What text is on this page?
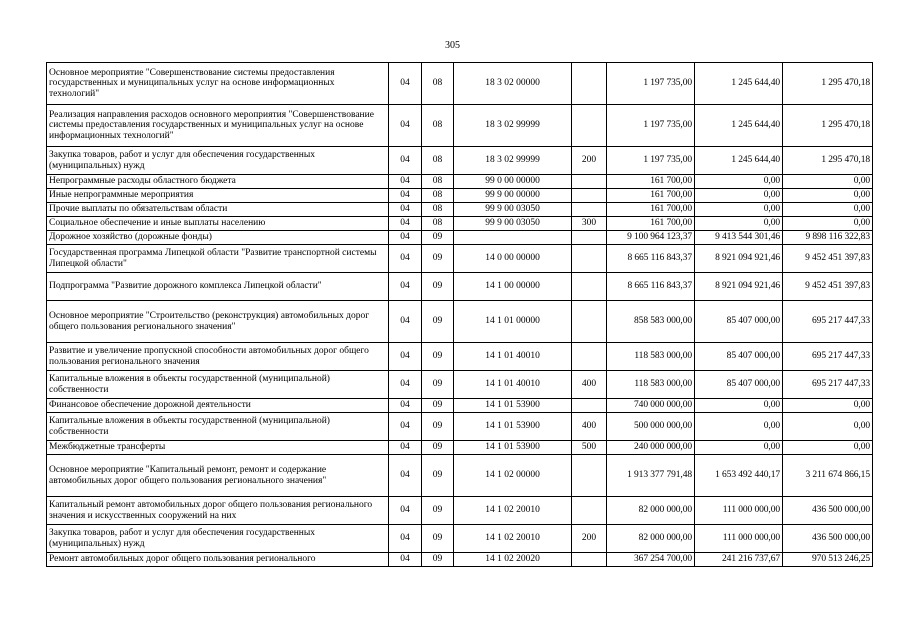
305
Основное мероприятие "Совершенствование системы предоставления государственных и муниципальных услуг на основе информационных технологий"	04	08	18 3 02 00000		1 197 735,00	1 245 644,40	1 295 470,18
Реализация направления расходов основного мероприятия "Совершенствование системы предоставления государственных и муниципальных услуг на основе информационных технологий"	04	08	18 3 02 99999		1 197 735,00	1 245 644,40	1 295 470,18
Закупка товаров, работ и услуг для обеспечения государственных (муниципальных) нужд	04	08	18 3 02 99999	200	1 197 735,00	1 245 644,40	1 295 470,18
Непрограммные расходы областного бюджета	04	08	99 0 00 00000		161 700,00	0,00	0,00
Иные непрограммные мероприятия	04	08	99 9 00 00000		161 700,00	0,00	0,00
Прочие выплаты по обязательствам области	04	08	99 9 00 03050		161 700,00	0,00	0,00
Социальное обеспечение и иные выплаты населению	04	08	99 9 00 03050	300	161 700,00	0,00	0,00
Дорожное хозяйство (дорожные фонды)	04	09			9 100 964 123,37	9 413 544 301,46	9 898 116 322,83
Государственная программа Липецкой области "Развитие транспортной системы Липецкой области"	04	09	14 0 00 00000		8 665 116 843,37	8 921 094 921,46	9 452 451 397,83
Подпрограмма "Развитие дорожного комплекса Липецкой области"	04	09	14 1 00 00000		8 665 116 843,37	8 921 094 921,46	9 452 451 397,83
Основное мероприятие "Строительство (реконструкция) автомобильных дорог общего пользования регионального значения"	04	09	14 1 01 00000		858 583 000,00	85 407 000,00	695 217 447,33
Развитие и увеличение пропускной способности автомобильных дорог общего пользования регионального значения	04	09	14 1 01 40010		118 583 000,00	85 407 000,00	695 217 447,33
Капитальные вложения в объекты государственной (муниципальной) собственности	04	09	14 1 01 40010	400	118 583 000,00	85 407 000,00	695 217 447,33
Финансовое обеспечение дорожной деятельности	04	09	14 1 01 53900		740 000 000,00	0,00	0,00
Капитальные вложения в объекты государственной (муниципальной) собственности	04	09	14 1 01 53900	400	500 000 000,00	0,00	0,00
Межбюджетные трансферты	04	09	14 1 01 53900	500	240 000 000,00	0,00	0,00
Основное мероприятие "Капитальный ремонт, ремонт и содержание автомобильных дорог общего пользования регионального значения"	04	09	14 1 02 00000		1 913 377 791,48	1 653 492 440,17	3 211 674 866,15
Капитальный ремонт автомобильных дорог общего пользования регионального значения и искусственных сооружений на них	04	09	14 1 02 20010		82 000 000,00	111 000 000,00	436 500 000,00
Закупка товаров, работ и услуг для обеспечения государственных (муниципальных) нужд	04	09	14 1 02 20010	200	82 000 000,00	111 000 000,00	436 500 000,00
Ремонт автомобильных дорог общего пользования регионального	04	09	14 1 02 20020		367 254 700,00	241 216 737,67	970 513 246,25
